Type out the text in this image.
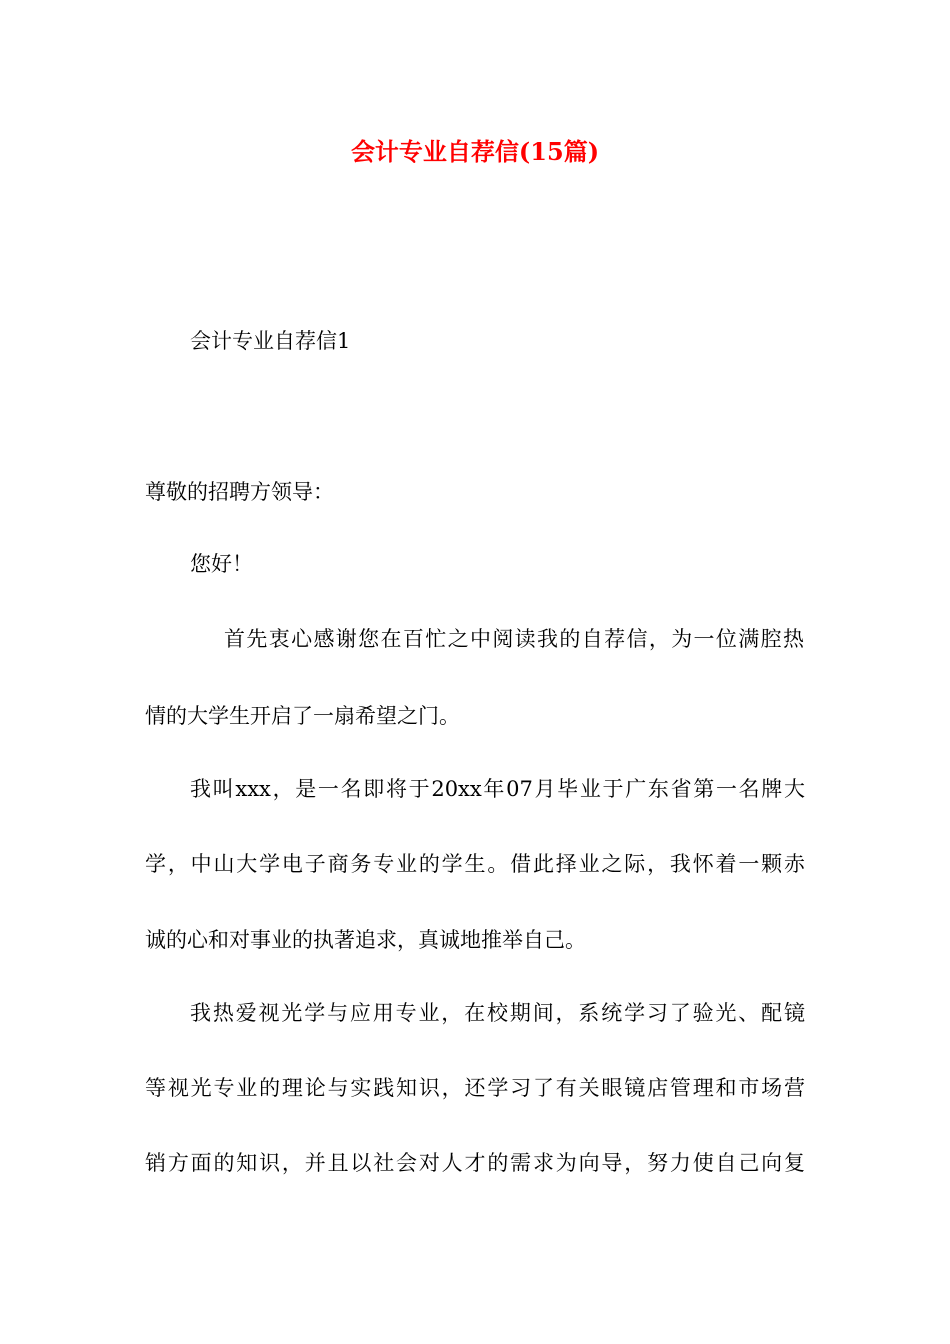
会计专业自荐信(15篇)

会计专业自荐信1

尊敬的招聘方领导：

您好！

首先衷心感谢您在百忙之中阅读我的自荐信，为一位满腔热

情的大学生开启了一扇希望之门。

我叫xxx，是一名即将于20xx年07月毕业于广东省第一名牌大

学，中山大学电子商务专业的学生。借此择业之际，我怀着一颗赤

诚的心和对事业的执著追求，真诚地推举自己。

我热爱视光学与应用专业，在校期间，系统学习了验光、配镜

等视光专业的理论与实践知识，还学习了有关眼镜店管理和市场营

销方面的知识，并且以社会对人才的需求为向导，努力使自己向复
